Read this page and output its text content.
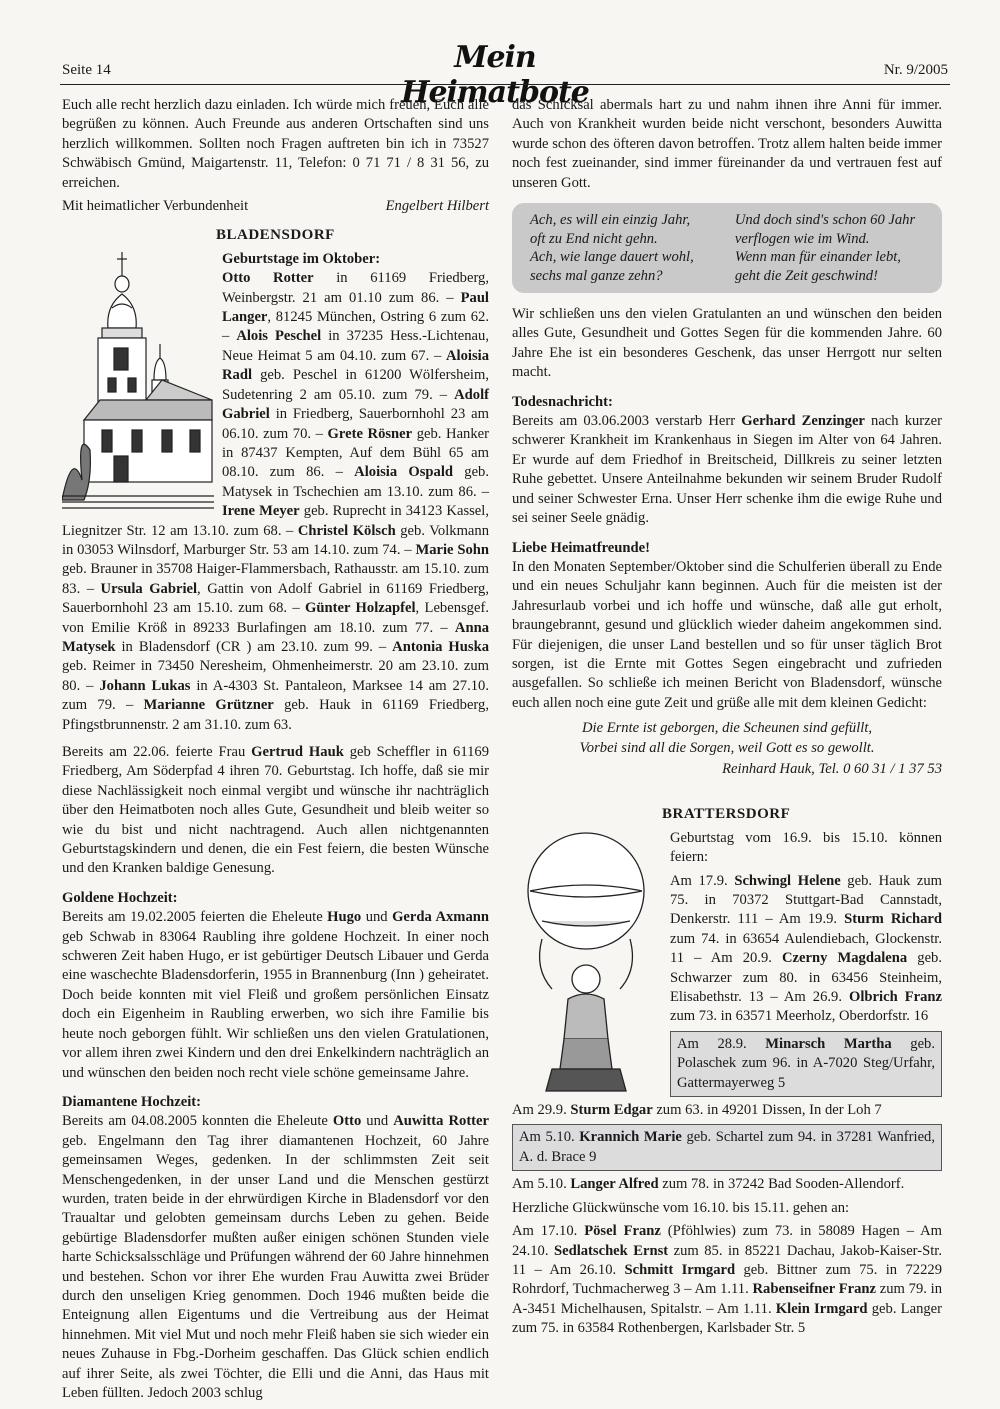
Seite 14	Mein Heimatbote
Nr. 9/2005

Euch alle recht herzlich dazu einladen. Ich würde mich freuen, Euch alle begrüßen zu können. Auch Freunde aus anderen Ortschaften sind uns herzlich willkommen. Sollten noch Fragen auftreten bin ich in 73527 Schwäbisch Gmünd, Maigartenstr. 11, Telefon: 0 71 71 / 8 31 56, zu erreichen.

Mit heimatlicher Verbundenheit	Engelbert Hilbert
BLADENSDORF
Geburtstage im Oktober:

Otto Rotter in 61169 Friedberg, Weinbergstr. 21 am 01.10 zum 86. – Paul Langer, 81245 München, Ostring 6 zum 62. – Alois Peschel in 37235 Hess.-Lichtenau, Neue Heimat 5 am 04.10. zum 67. – Aloisia Radl geb. Peschel in 61200 Wölfersheim, Sudetenring 2 am 05.10. zum 79. – Adolf Gabriel in Friedberg, Sauerbornhohl 23 am 06.10. zum 70. – Grete Rösner geb. Hanker in 87437 Kempten, Auf dem Bühl 65 am 08.10. zum 86. – Aloisia Ospald geb. Matysek in Tschechien am 13.10. zum 86. – Irene Meyer geb. Ruprecht in 34123 Kassel, Liegnitzer Str. 12 am 13.10. zum 68. – Christel Kölsch geb. Volkmann in 03053 Wilnsdorf, Marburger Str. 53 am 14.10. zum 74. – Marie Sohn geb. Brauner in 35708 Haiger-Flammersbach, Rathausstr. am 15.10. zum 83. – Ursula Gabriel, Gattin von Adolf Gabriel in 61169 Friedberg, Sauerbornhohl 23 am 15.10. zum 68. – Günter Holzapfel, Lebensgef. von Emilie Kröß in 89233 Burlafingen am 18.10. zum 77. – Anna Matysek in Bladensdorf (CR ) am 23.10. zum 99. – Antonia Huska geb. Reimer in 73450 Neresheim, Ohmenheimerstr. 20 am 23.10. zum 80. – Johann Lukas in A-4303 St. Pantaleon, Marksee 14 am 27.10. zum 79. – Marianne Grützner geb. Hauk in 61169 Friedberg, Pfingstbrunnenstr. 2 am 31.10. zum 63.

Bereits am 22.06. feierte Frau Gertrud Hauk geb Scheffler in 61169 Friedberg, Am Söderpfad 4 ihren 70. Geburtstag. Ich hoffe, daß sie mir diese Nachlässigkeit noch einmal vergibt und wünsche ihr nachträglich über den Heimatboten noch alles Gute, Gesundheit und bleib weiter so wie du bist und nicht nachtragend. Auch allen nichtgenannten Geburtstagskindern und denen, die ein Fest feiern, die besten Wünsche und den Kranken baldige Genesung.

Goldene Hochzeit:

Bereits am 19.02.2005 feierten die Eheleute Hugo und Gerda Axmann geb Schwab in 83064 Raubling ihre goldene Hochzeit. In einer noch schweren Zeit haben Hugo, er ist gebürtiger Deutsch Libauer und Gerda eine waschechte Bladensdorferin, 1955 in Brannenburg (Inn ) geheiratet. Doch beide konnten mit viel Fleiß und großem persönlichen Einsatz doch ein Eigenheim in Raubling erwerben, wo sich ihre Familie bis heute noch geborgen fühlt. Wir schließen uns den vielen Gratulationen, vor allem ihren zwei Kindern und den drei Enkelkindern nachträglich an und wünschen den beiden noch recht viele schöne gemeinsame Jahre.

Diamantene Hochzeit:

Bereits am 04.08.2005 konnten die Eheleute Otto und Auwitta Rotter geb. Engelmann den Tag ihrer diamantenen Hochzeit, 60 Jahre gemeinsamen Weges, gedenken. In der schlimmsten Zeit seit Menschengedenken, in der unser Land und die Menschen gestürzt wurden, traten beide in der ehrwürdigen Kirche in Bladensdorf vor den Traualtar und gelobten gemeinsam durchs Leben zu gehen. Beide gebürtige Bladensdorfer mußten außer einigen schönen Stunden viele harte Schicksalsschläge und Prüfungen während der 60 Jahre hinnehmen und bestehen. Schon vor ihrer Ehe wurden Frau Auwitta zwei Brüder durch den unseligen Krieg genommen. Doch 1946 mußten beide die Enteignung allen Eigentums und die Vertreibung aus der Heimat hinnehmen. Mit viel Mut und noch mehr Fleiß haben sie sich wieder ein neues Zuhause in Fbg.-Dorheim geschaffen. Das Glück schien endlich auf ihrer Seite, als zwei Töchter, die Elli und die Anni, das Haus mit Leben füllten. Jedoch 2003 schlug

das Schicksal abermals hart zu und nahm ihnen ihre Anni für immer. Auch von Krankheit wurden beide nicht verschont, besonders Auwitta wurde schon des öfteren davon betroffen. Trotz allem halten beide immer noch fest zueinander, sind immer füreinander da und vertrauen fest auf unseren Gott.

Ach, es will ein einzig Jahr,
oft zu End nicht gehn.
Ach, wie lange dauert wohl,
sechs mal ganze zehn?
Und doch sind's schon 60 Jahr
verflogen wie im Wind.
Wenn man für einander lebt,
geht die Zeit geschwind!

Wir schließen uns den vielen Gratulanten an und wünschen den beiden alles Gute, Gesundheit und Gottes Segen für die kommenden Jahre. 60 Jahre Ehe ist ein besonderes Geschenk, das unser Herrgott nur selten macht.

Todesnachricht:

Bereits am 03.06.2003 verstarb Herr Gerhard Zenzinger nach kurzer schwerer Krankheit im Krankenhaus in Siegen im Alter von 64 Jahren. Er wurde auf dem Friedhof in Breitscheid, Dillkreis zu seiner letzten Ruhe gebettet. Unsere Anteilnahme bekunden wir seinem Bruder Rudolf und seiner Schwester Erna. Unser Herr schenke ihm die ewige Ruhe und sei seiner Seele gnädig.

Liebe Heimatfreunde!

In den Monaten September/Oktober sind die Schulferien überall zu Ende und ein neues Schuljahr kann beginnen. Auch für die meisten ist der Jahresurlaub vorbei und ich hoffe und wünsche, daß alle gut erholt, braungebrannt, gesund und glücklich wieder daheim angekommen sind. Für diejenigen, die unser Land bestellen und so für unser täglich Brot sorgen, ist die Ernte mit Gottes Segen eingebracht und zufrieden ausgefallen. So schließe ich meinen Bericht von Bladensdorf, wünsche euch allen noch eine gute Zeit und grüße alle mit dem kleinen Gedicht:

Die Ernte ist geborgen, die Scheunen sind gefüllt,
Vorbei sind all die Sorgen, weil Gott es so gewollt.
Reinhard Hauk, Tel. 0 60 31 / 1 37 53
BRATTERSDORF

Geburtstag vom 16.9. bis 15.10. können feiern:

Am 17.9. Schwingl Helene geb. Hauk zum 75. in 70372 Stuttgart-Bad Cannstadt, Denkerstr. 111 – Am 19.9. Sturm Richard zum 74. in 63654 Aulendiebach, Glockenstr. 11 – Am 20.9. Czerny Magdalena geb. Schwarzer zum 80. in 63456 Steinheim, Elisabethstr. 13 – Am 26.9. Olbrich Franz zum 73. in 63571 Meerholz, Oberdorfstr. 16

Am 28.9. Minarsch Martha geb. Polaschek zum 96. in A-7020 Steg/Urfahr, Gattermayerweg 5

Am 29.9. Sturm Edgar zum 63. in 49201 Dissen, In der Loh 7

Am 5.10. Krannich Marie geb. Schartel zum 94. in 37281 Wanfried, A. d. Brace 9

Am 5.10. Langer Alfred zum 78. in 37242 Bad Sooden-Allendorf.

Herzliche Glückwünsche vom 16.10. bis 15.11. gehen an:

Am 17.10. Pösel Franz (Pföhlwies) zum 73. in 58089 Hagen – Am 24.10. Sedlatschek Ernst zum 85. in 85221 Dachau, Jakob-Kaiser-Str. 11 – Am 26.10. Schmitt Irmgard geb. Bittner zum 75. in 72229 Rohrdorf, Tuchmacherweg 3 – Am 1.11. Rabenseifner Franz zum 79. in A-3451 Michelhausen, Spitalstr. – Am 1.11. Klein Irmgard geb. Langer zum 75. in 63584 Rothenbergen, Karlsbader Str. 5
